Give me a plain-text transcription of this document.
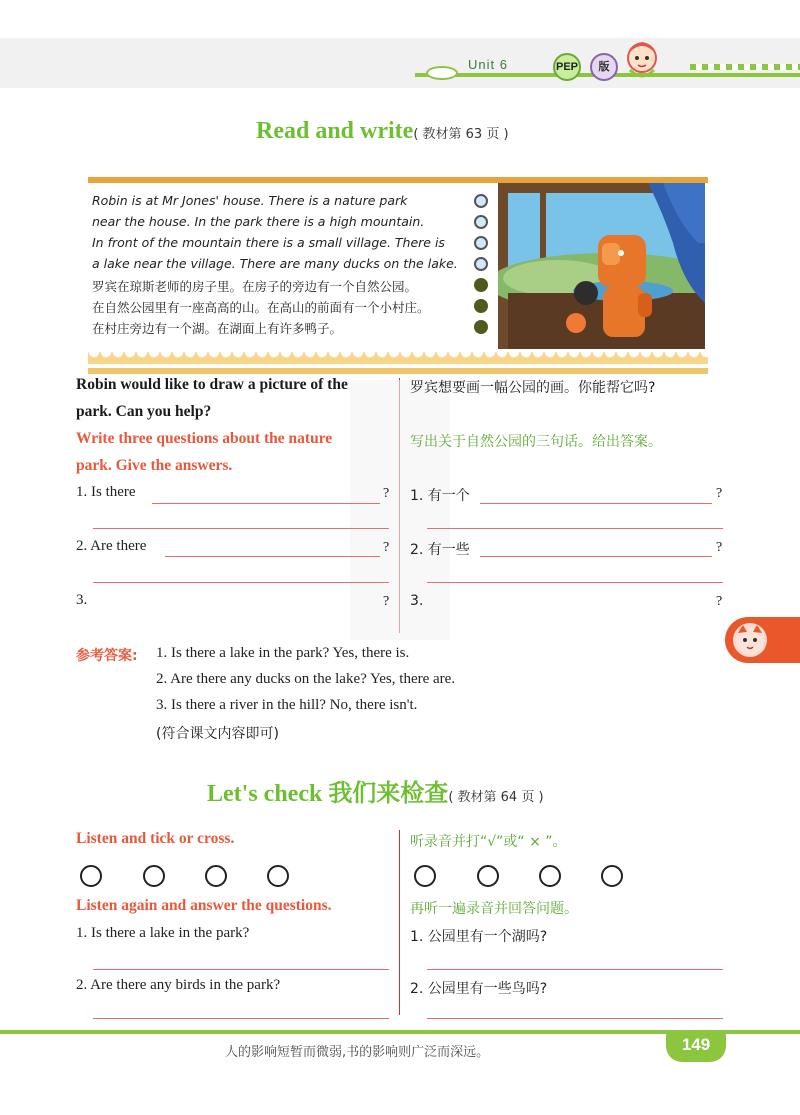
Unit 6	PEP	版
Read and write( 教材第 63 页 )
Robin is at Mr Jones' house. There is a nature park
near the house. In the park there is a high mountain.
In front of the mountain there is a small village. There is
a lake near the village. There are many ducks on the lake.
罗宾在琼斯老师的房子里。在房子的旁边有一个自然公园。
在自然公园里有一座高高的山。在高山的前面有一个小村庄。
在村庄旁边有一个湖。在湖面上有许多鸭子。
Robin would like to draw a picture of the
park. Can you help?
罗宾想要画一幅公园的画。你能帮它吗?
Write three questions about the nature
park. Give the answers.
写出关于自然公园的三句话。给出答案。
1. Is there	? 1. 有一个	?
2. Are there	? 2. 有一些	?
3.	? 3.	?
参考答案: 1. Is there a lake in the park? Yes, there is.
2. Are there any ducks on the lake? Yes, there are.
3. Is there a river in the hill? No, there isn't.
(符合课文内容即可)
Let's check 我们来检查( 教材第 64 页 )
Listen and tick or cross.	听录音并打“√”或“ × ”。
Listen again and answer the questions.	再听一遍录音并回答问题。
1. Is there a lake in the park?
2. Are there any birds in the park?
1. 公园里有一个湖吗?
2. 公园里有一些鸟吗?
149
人的影响短暂而微弱,书的影响则广泛而深远。
